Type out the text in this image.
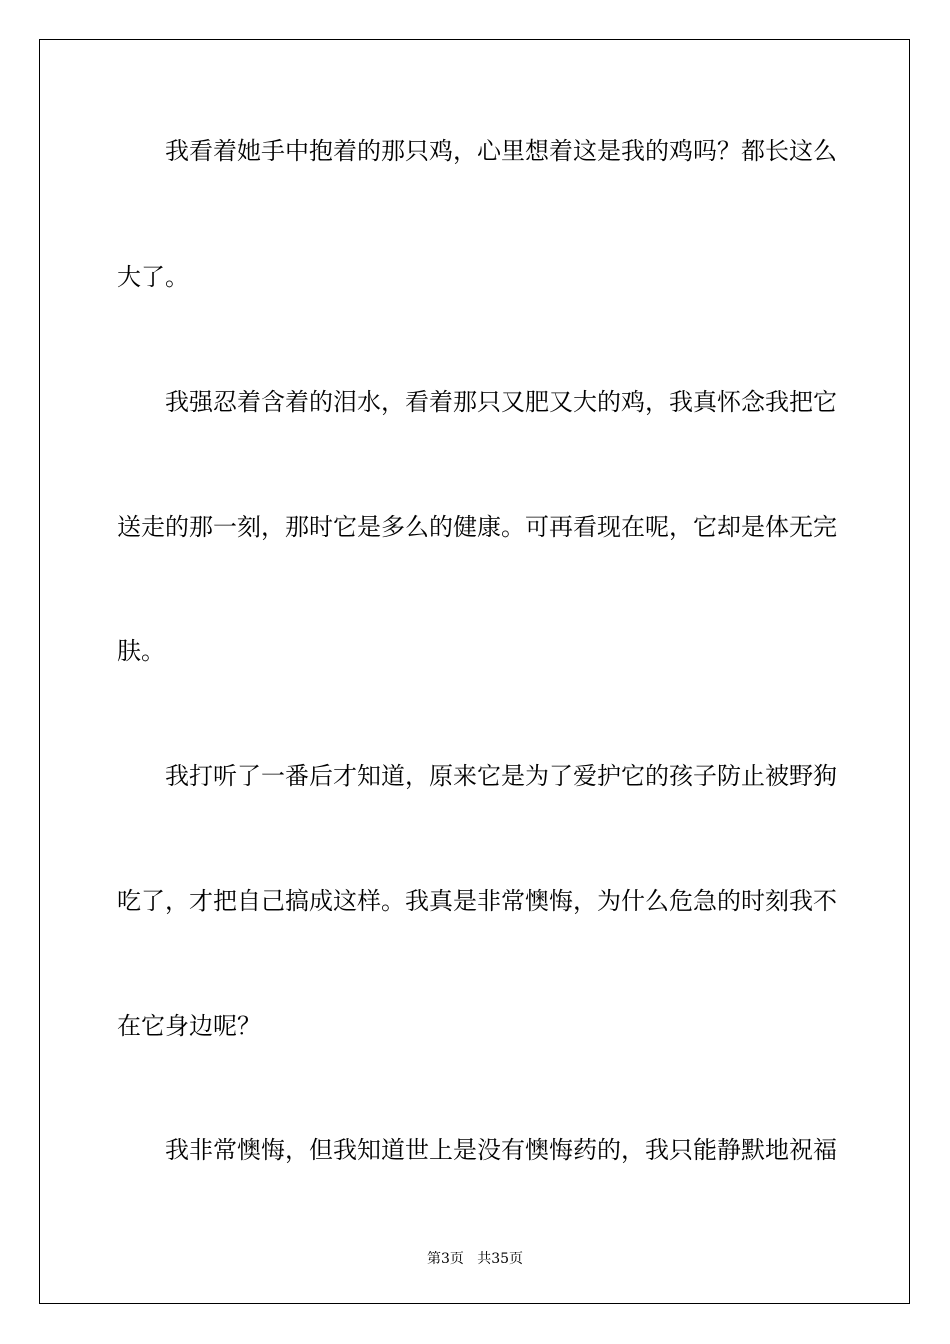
我看着她手中抱着的那只鸡，心里想着这是我的鸡吗？都长这么
大了。
我强忍着含着的泪水，看着那只又肥又大的鸡，我真怀念我把它
送走的那一刻，那时它是多么的健康。可再看现在呢，它却是体无完
肤。
我打听了一番后才知道，原来它是为了爱护它的孩子防止被野狗
吃了，才把自己搞成这样。我真是非常懊悔，为什么危急的时刻我不
在它身边呢？
我非常懊悔，但我知道世上是没有懊悔药的，我只能静默地祝福
第3页   共35页
